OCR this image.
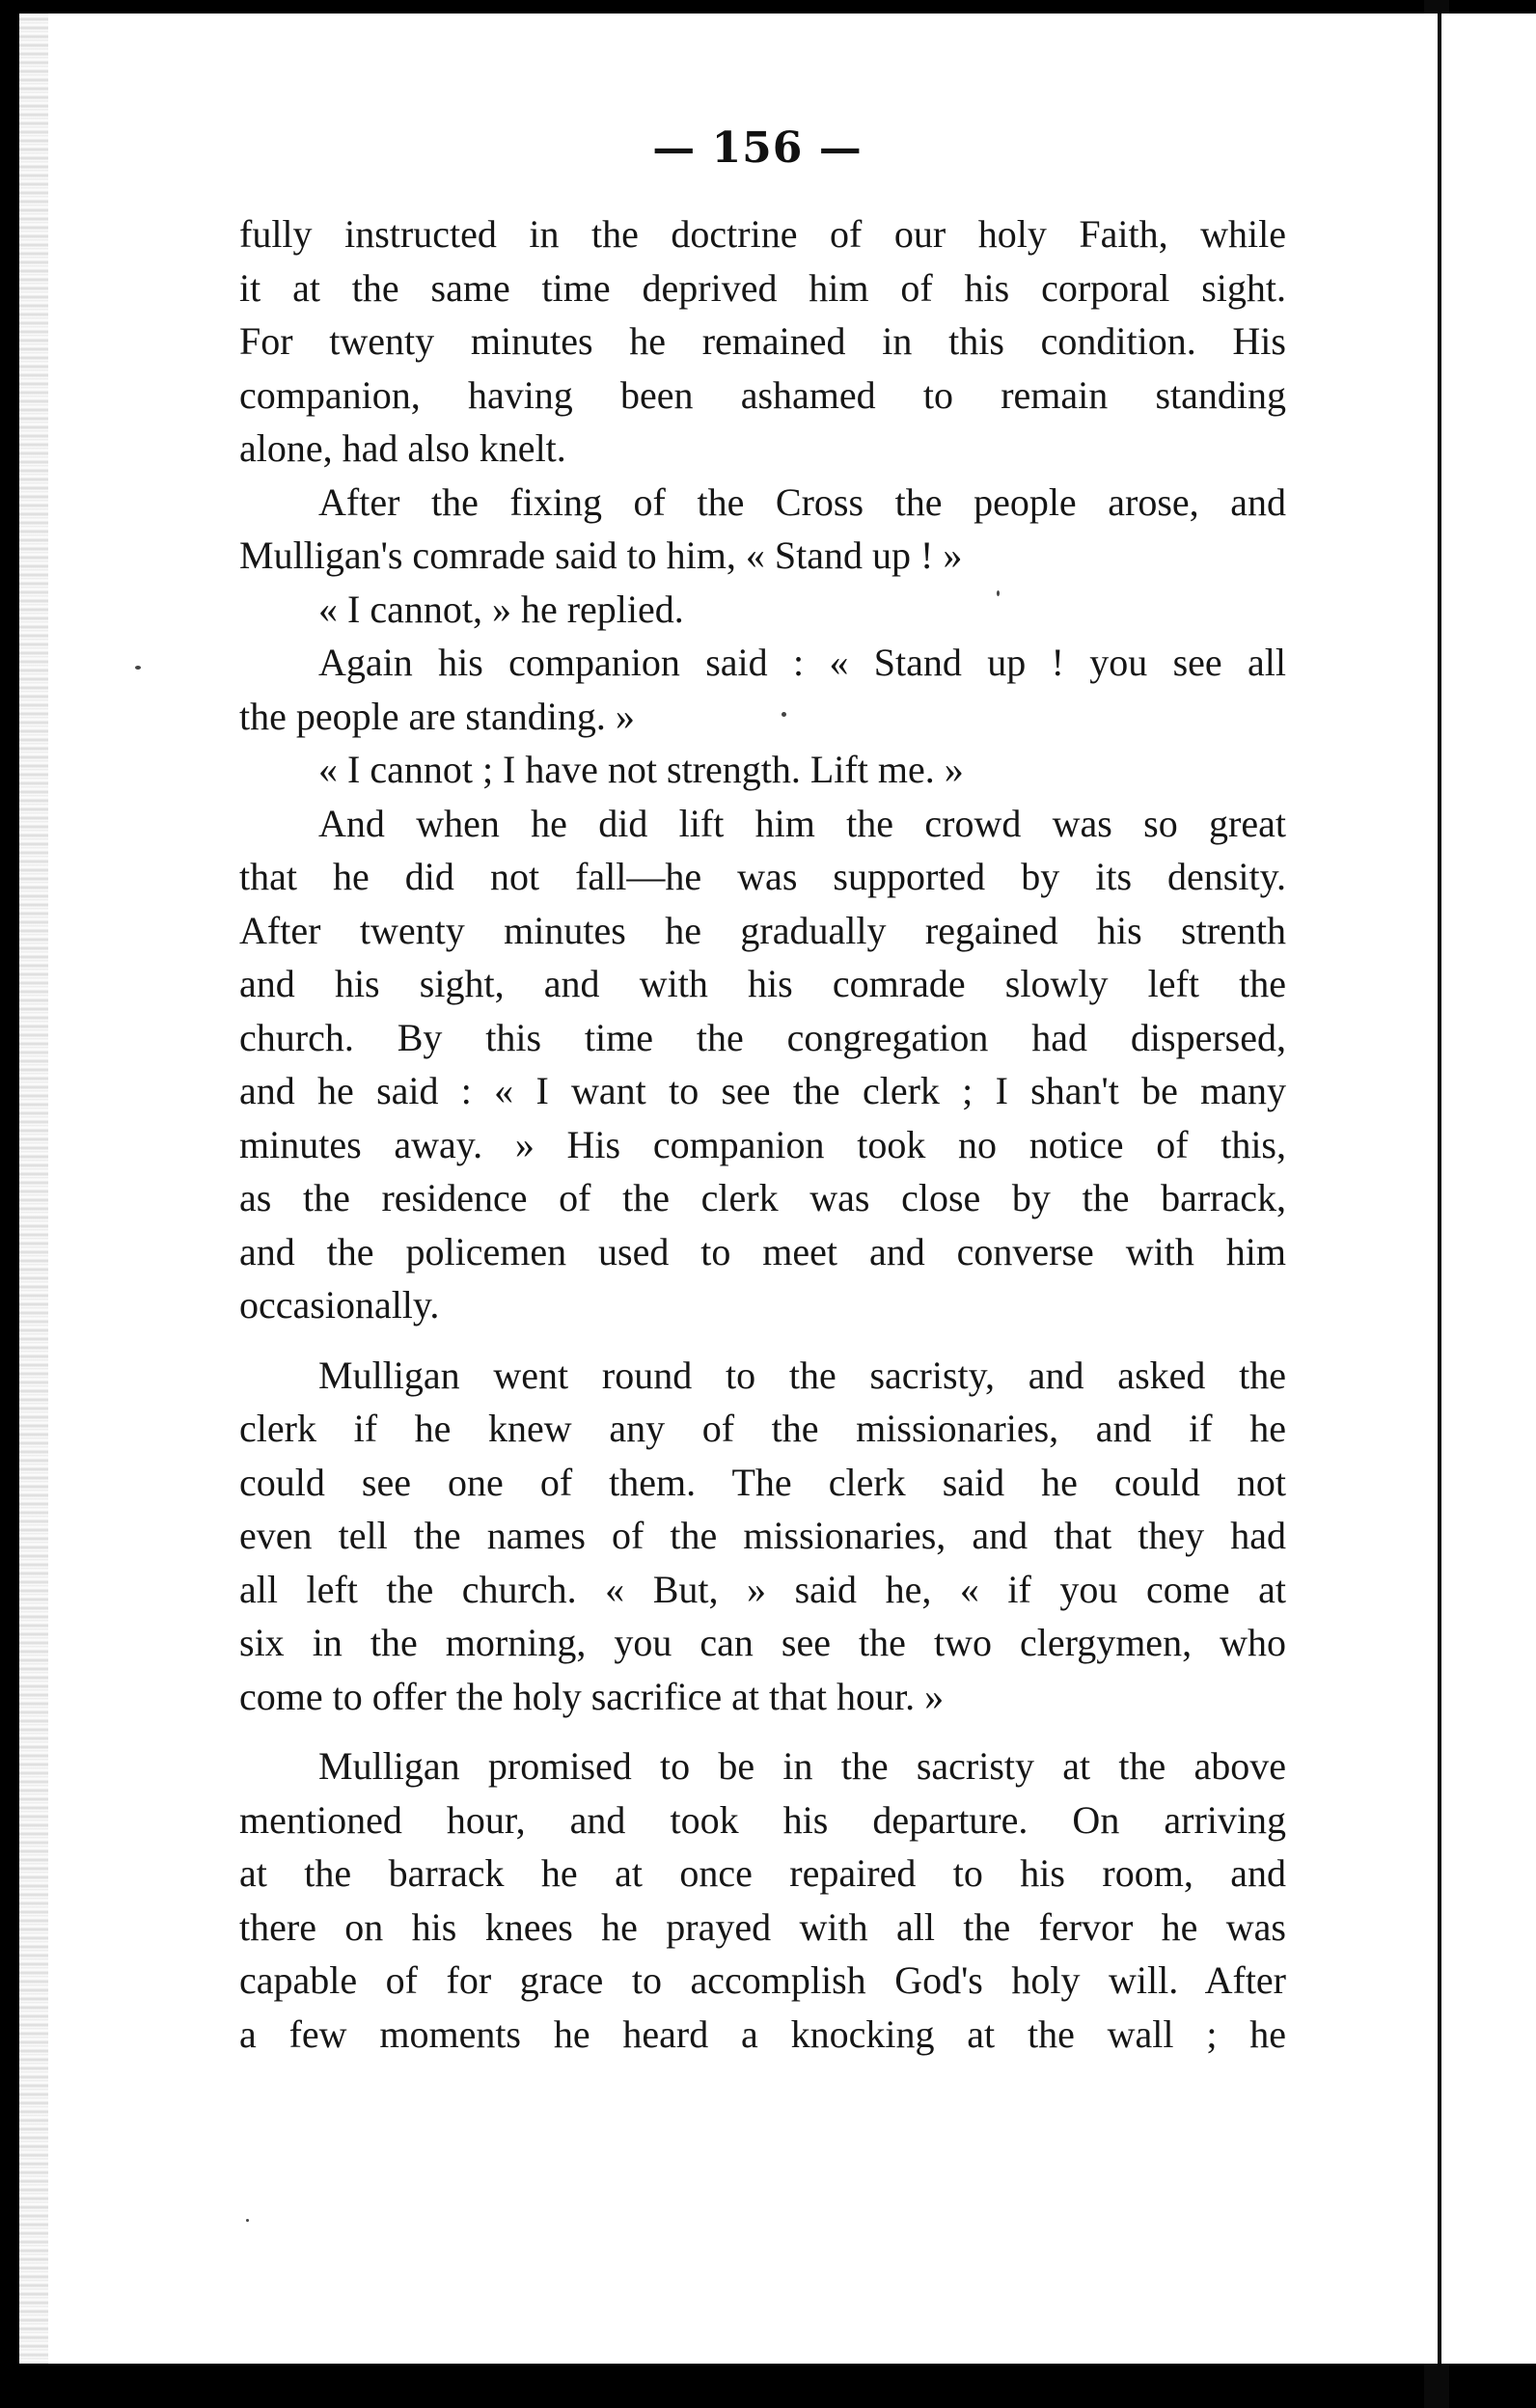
— 156 —
fully instructed in the doctrine of our holy Faith, while
it at the same time deprived him of his corporal sight.
For twenty minutes he remained in this condition. His
companion, having been ashamed to remain standing
alone, had also knelt.
After the fixing of the Cross the people arose, and
Mulligan's comrade said to him, « Stand up ! »
« I cannot, » he replied.
Again his companion said : « Stand up ! you see all
the people are standing. »
« I cannot ; I have not strength. Lift me. »
And when he did lift him the crowd was so great
that he did not fall—he was supported by its density.
After twenty minutes he gradually regained his strenth
and his sight, and with his comrade slowly left the
church. By this time the congregation had dispersed,
and he said : « I want to see the clerk ; I shan't be many
minutes away. » His companion took no notice of this,
as the residence of the clerk was close by the barrack,
and the policemen used to meet and converse with him
occasionally.
Mulligan went round to the sacristy, and asked the
clerk if he knew any of the missionaries, and if he
could see one of them. The clerk said he could not
even tell the names of the missionaries, and that they had
all left the church. « But, » said he, « if you come at
six in the morning, you can see the two clergymen, who
come to offer the holy sacrifice at that hour. »
Mulligan promised to be in the sacristy at the above
mentioned hour, and took his departure. On arriving
at the barrack he at once repaired to his room, and
there on his knees he prayed with all the fervor he was
capable of for grace to accomplish God's holy will. After
a few moments he heard a knocking at the wall ; he
